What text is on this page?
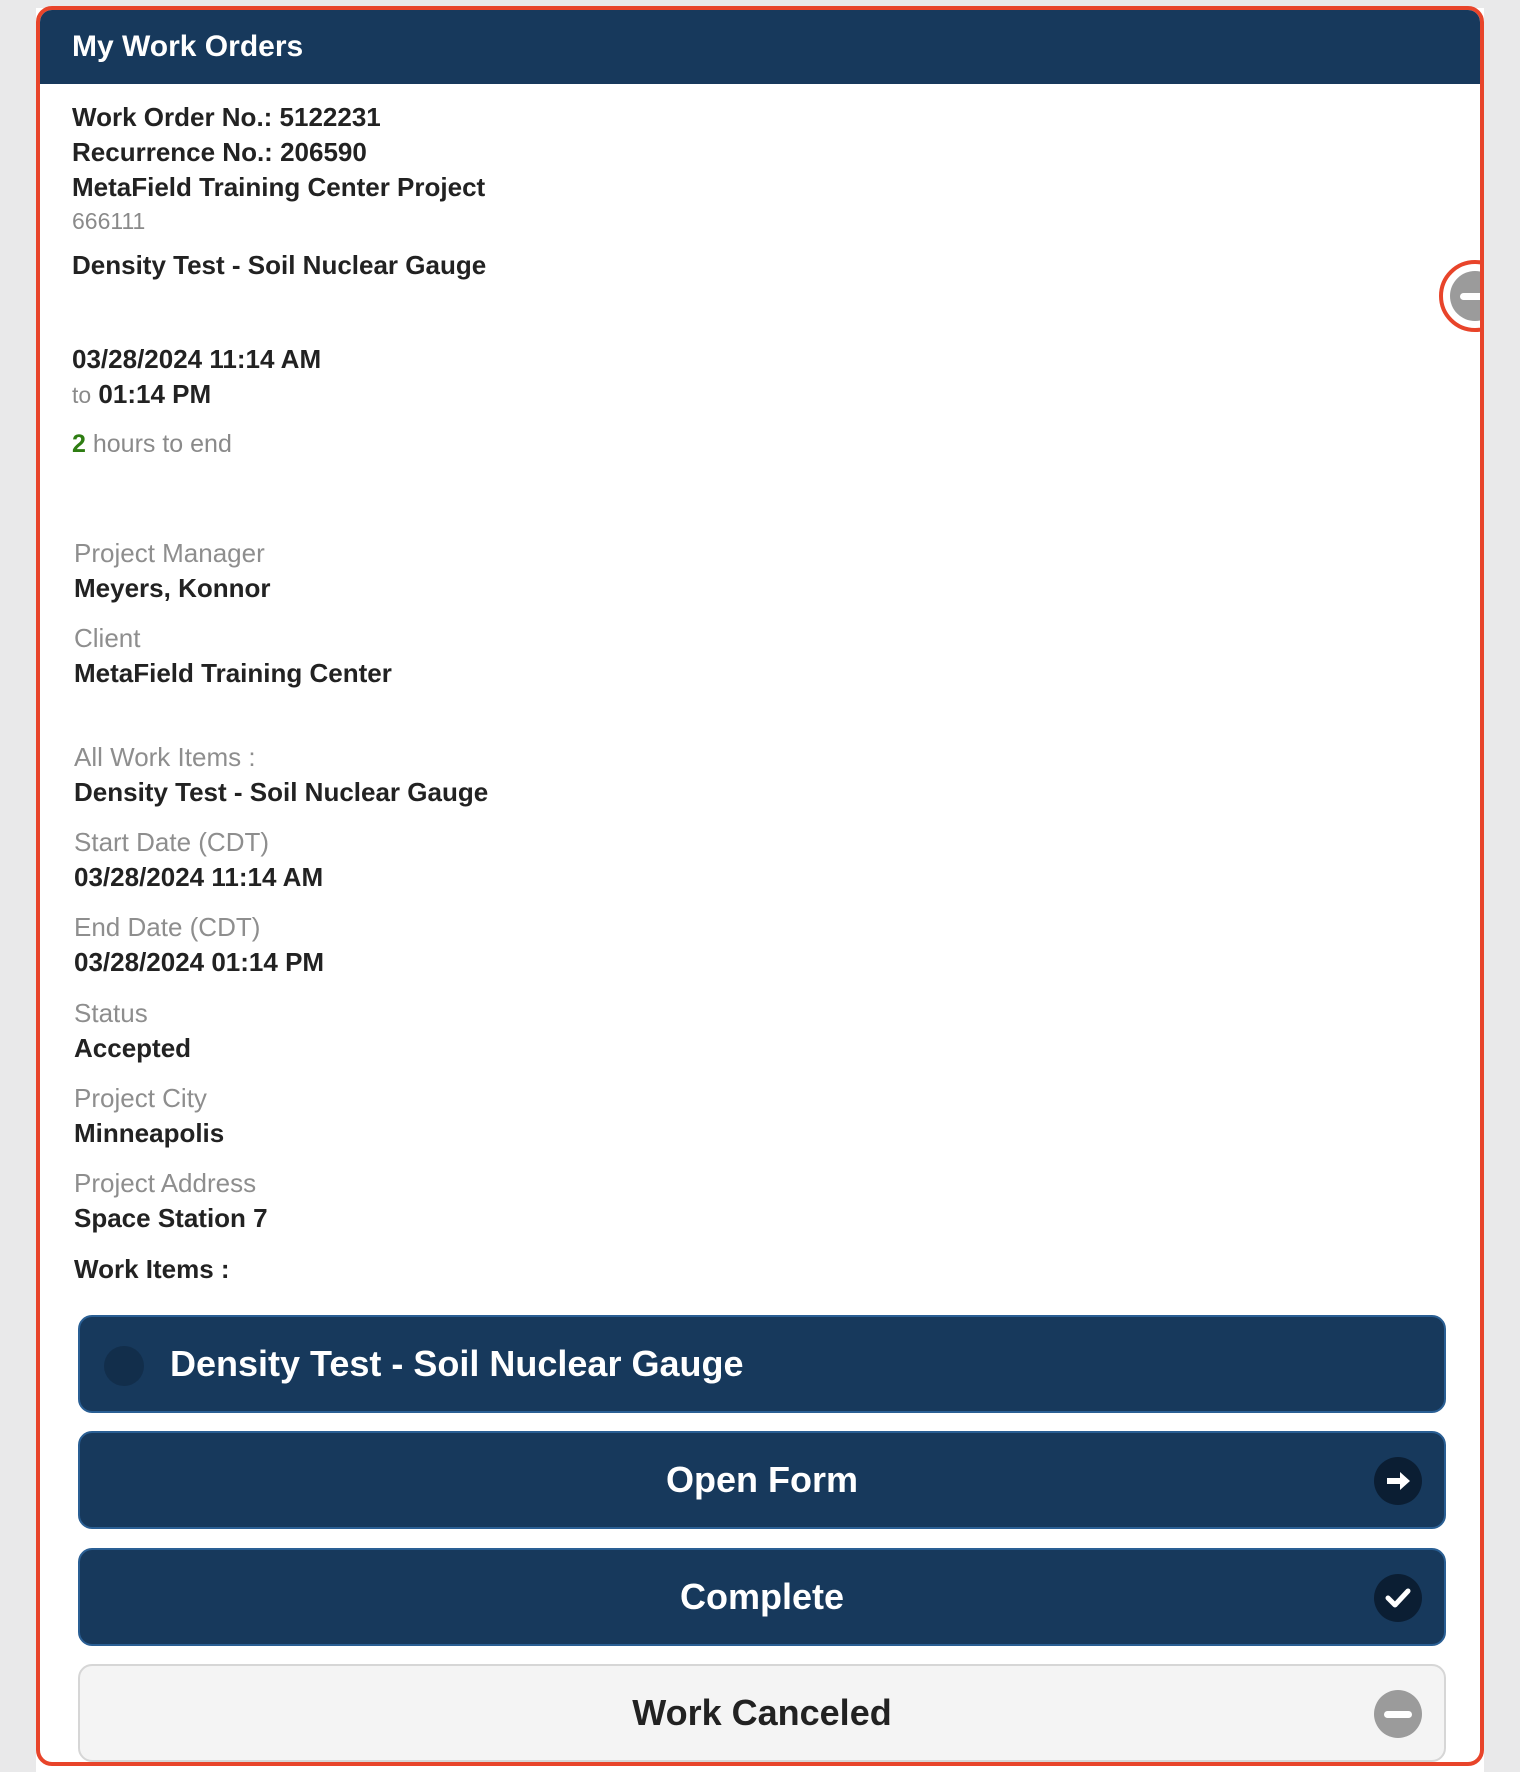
My Work Orders
Work Order No.: 5122231
Recurrence No.: 206590
MetaField Training Center Project
666111
Density Test - Soil Nuclear Gauge
03/28/2024 11:14 AM
to 01:14 PM
2 hours to end
Project Manager
Meyers, Konnor
Client
MetaField Training Center
All Work Items :
Density Test - Soil Nuclear Gauge
Start Date (CDT)
03/28/2024 11:14 AM
End Date (CDT)
03/28/2024 01:14 PM
Status
Accepted
Project City
Minneapolis
Project Address
Space Station 7
Work Items :
Density Test - Soil Nuclear Gauge
Open Form
Complete
Work Canceled
